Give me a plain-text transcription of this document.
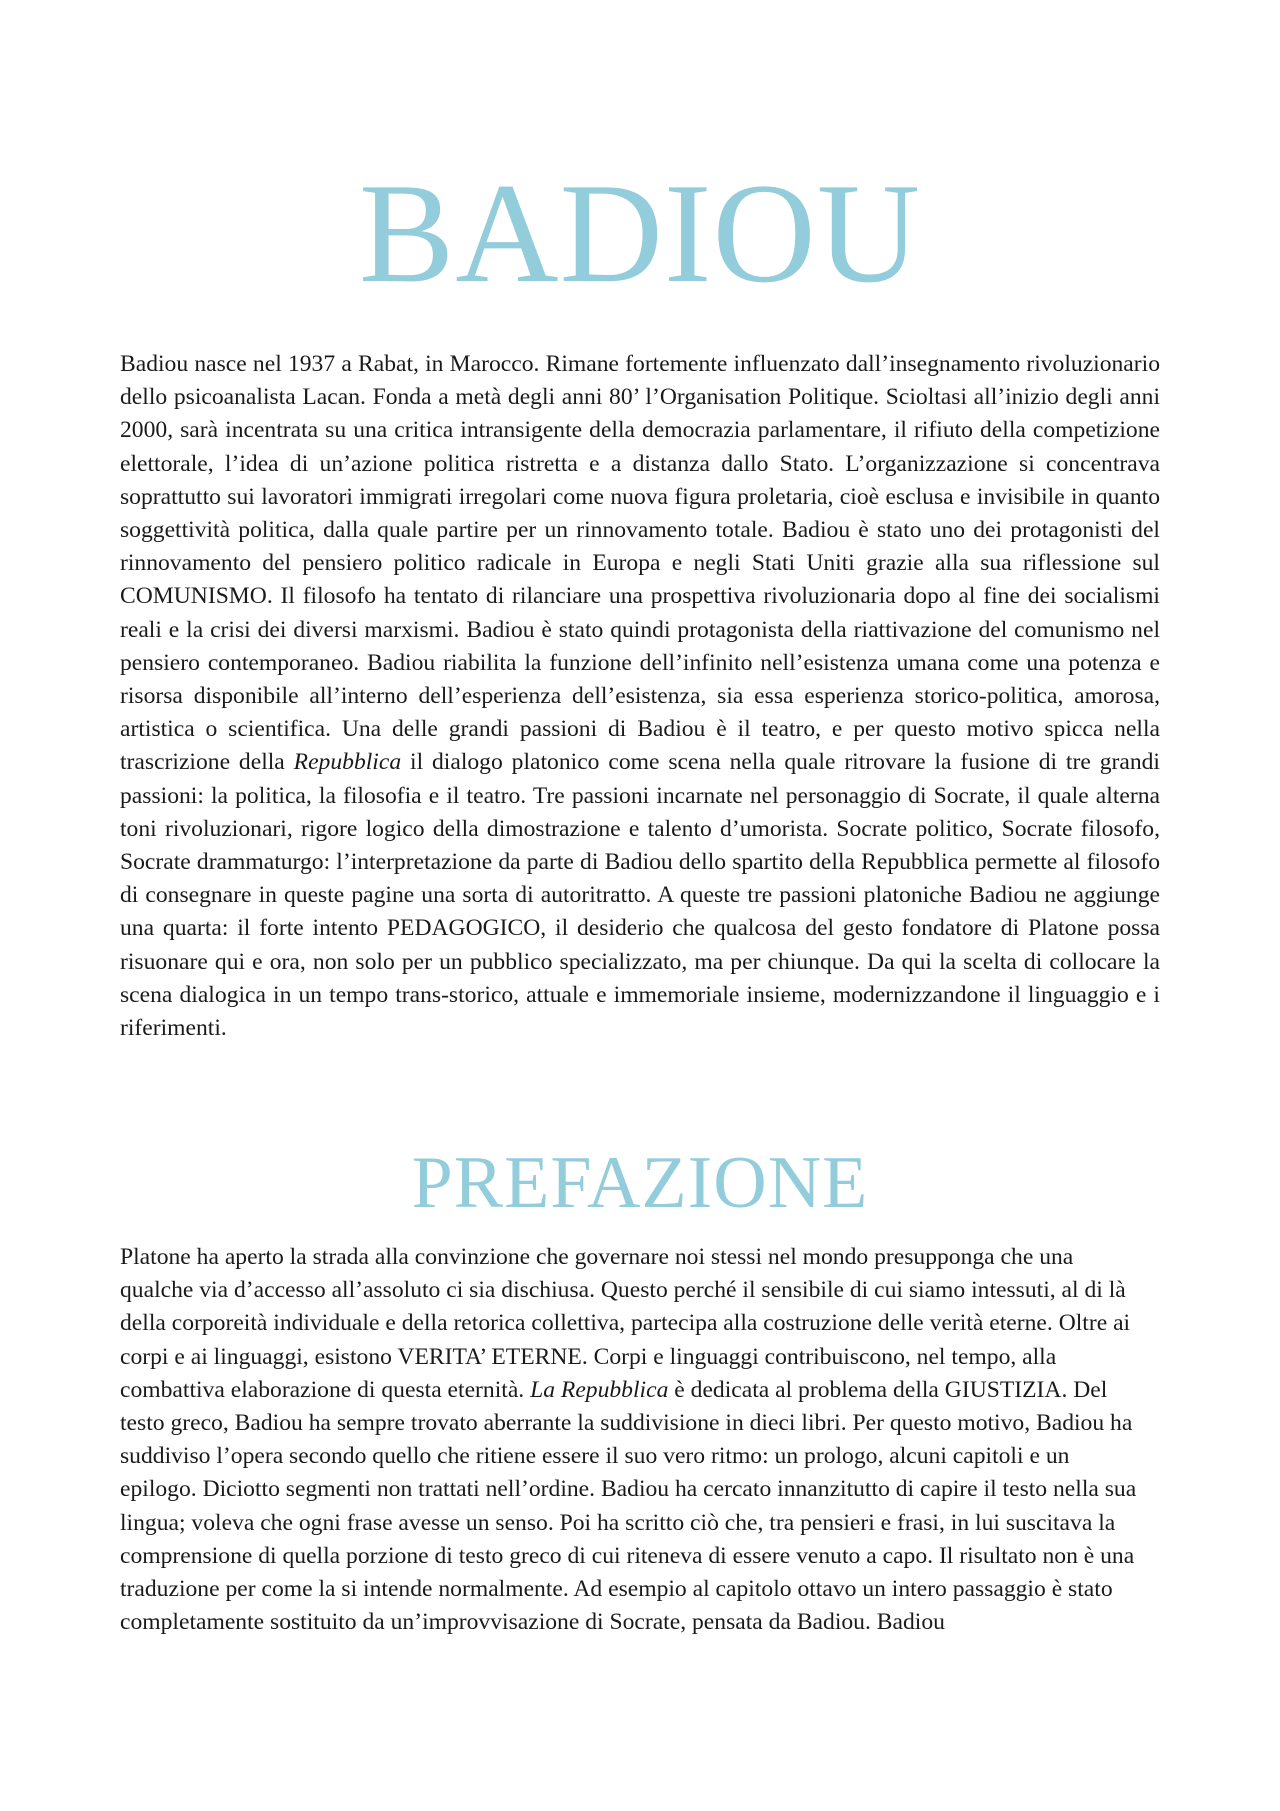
BADIOU

Badiou nasce nel 1937 a Rabat, in Marocco. Rimane fortemente influenzato dall’insegnamento rivoluzionario dello psicoanalista Lacan. Fonda a metà degli anni 80’ l’Organisation Politique. Scioltasi all’inizio degli anni 2000, sarà incentrata su una critica intransigente della democrazia parlamentare, il rifiuto della competizione elettorale, l’idea di un’azione politica ristretta e a distanza dallo Stato. L’organizzazione si concentrava soprattutto sui lavoratori immigrati irregolari come nuova figura proletaria, cioè esclusa e invisibile in quanto soggettività politica, dalla quale partire per un rinnovamento totale. Badiou è stato uno dei protagonisti del rinnovamento del pensiero politico radicale in Europa e negli Stati Uniti grazie alla sua riflessione sul COMUNISMO. Il filosofo ha tentato di rilanciare una prospettiva rivoluzionaria dopo al fine dei socialismi reali e la crisi dei diversi marxismi. Badiou è stato quindi protagonista della riattivazione del comunismo nel pensiero contemporaneo. Badiou riabilita la funzione dell’infinito nell’esistenza umana come una potenza e risorsa disponibile all’interno dell’esperienza dell’esistenza, sia essa esperienza storico-politica, amorosa, artistica o scientifica. Una delle grandi passioni di Badiou è il teatro, e per questo motivo spicca nella trascrizione della Repubblica il dialogo platonico come scena nella quale ritrovare la fusione di tre grandi passioni: la politica, la filosofia e il teatro. Tre passioni incarnate nel personaggio di Socrate, il quale alterna toni rivoluzionari, rigore logico della dimostrazione e talento d’umorista. Socrate politico, Socrate filosofo, Socrate drammaturgo: l’interpretazione da parte di Badiou dello spartito della Repubblica permette al filosofo di consegnare in queste pagine una sorta di autoritratto. A queste tre passioni platoniche Badiou ne aggiunge una quarta: il forte intento PEDAGOGICO, il desiderio che qualcosa del gesto fondatore di Platone possa risuonare qui e ora, non solo per un pubblico specializzato, ma per chiunque. Da qui la scelta di collocare la scena dialogica in un tempo trans-storico, attuale e immemoriale insieme, modernizzandone il linguaggio e i riferimenti.

PREFAZIONE

Platone ha aperto la strada alla convinzione che governare noi stessi nel mondo presupponga che una qualche via d’accesso all’assoluto ci sia dischiusa. Questo perché il sensibile di cui siamo intessuti, al di là della corporeità individuale e della retorica collettiva, partecipa alla costruzione delle verità eterne. Oltre ai corpi e ai linguaggi, esistono VERITA’ ETERNE. Corpi e linguaggi contribuiscono, nel tempo, alla combattiva elaborazione di questa eternità. La Repubblica è dedicata al problema della GIUSTIZIA. Del testo greco, Badiou ha sempre trovato aberrante la suddivisione in dieci libri. Per questo motivo, Badiou ha suddiviso l’opera secondo quello che ritiene essere il suo vero ritmo: un prologo, alcuni capitoli e un epilogo. Diciotto segmenti non trattati nell’ordine. Badiou ha cercato innanzitutto di capire il testo nella sua lingua; voleva che ogni frase avesse un senso. Poi ha scritto ciò che, tra pensieri e frasi, in lui suscitava la comprensione di quella porzione di testo greco di cui riteneva di essere venuto a capo. Il risultato non è una traduzione per come la si intende normalmente. Ad esempio al capitolo ottavo un intero passaggio è stato completamente sostituito da un’improvvisazione di Socrate, pensata da Badiou. Badiou
